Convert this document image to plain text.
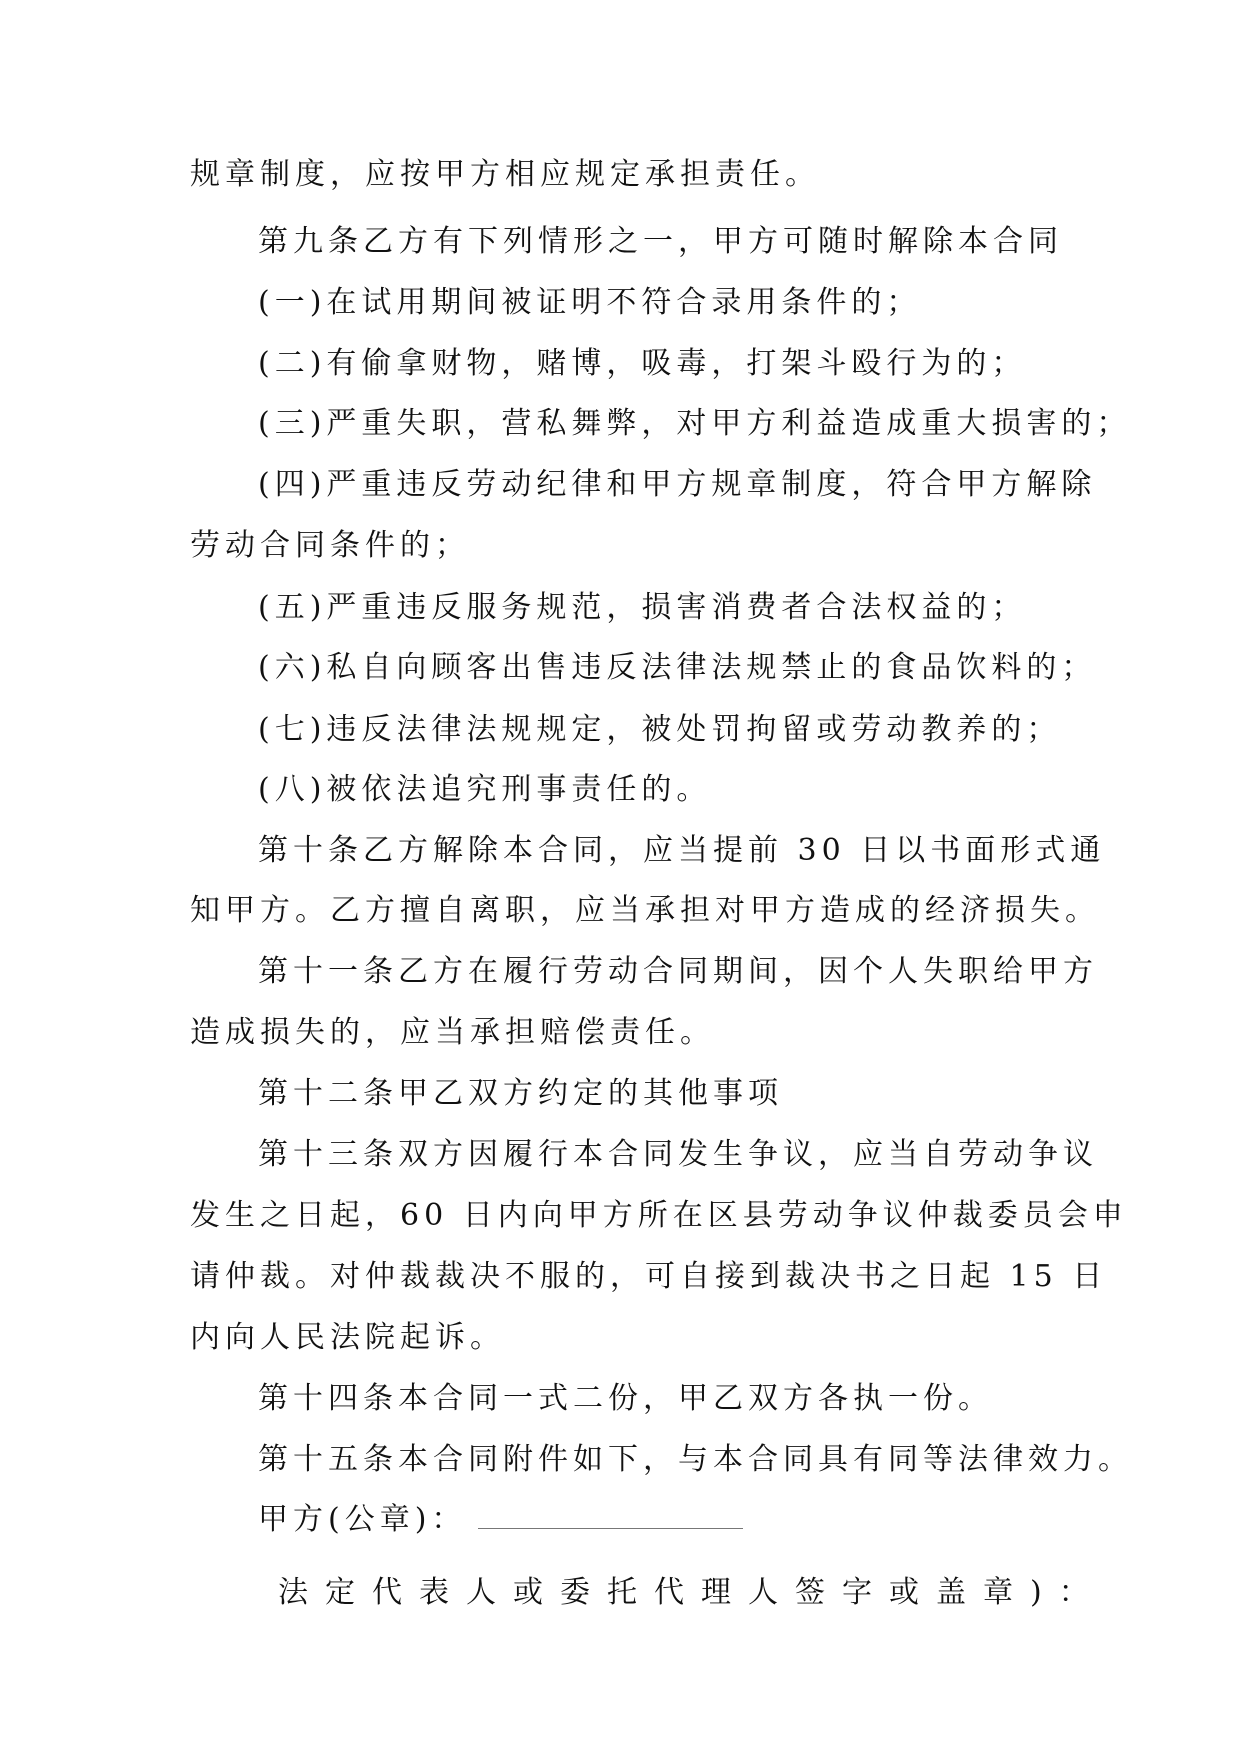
规章制度，应按甲方相应规定承担责任。
第九条乙方有下列情形之一，甲方可随时解除本合同
(一)在试用期间被证明不符合录用条件的；
(二)有偷拿财物，赌博，吸毒，打架斗殴行为的；
(三)严重失职，营私舞弊，对甲方利益造成重大损害的；
(四)严重违反劳动纪律和甲方规章制度，符合甲方解除
劳动合同条件的；
(五)严重违反服务规范，损害消费者合法权益的；
(六)私自向顾客出售违反法律法规禁止的食品饮料的；
(七)违反法律法规规定，被处罚拘留或劳动教养的；
(八)被依法追究刑事责任的。
第十条乙方解除本合同，应当提前 30 日以书面形式通
知甲方。乙方擅自离职，应当承担对甲方造成的经济损失。
第十一条乙方在履行劳动合同期间，因个人失职给甲方
造成损失的，应当承担赔偿责任。
第十二条甲乙双方约定的其他事项
第十三条双方因履行本合同发生争议，应当自劳动争议
发生之日起，60 日内向甲方所在区县劳动争议仲裁委员会申
请仲裁。对仲裁裁决不服的，可自接到裁决书之日起 15 日
内向人民法院起诉。
第十四条本合同一式二份，甲乙双方各执一份。
第十五条本合同附件如下，与本合同具有同等法律效力。
甲方(公章)：
法定代表人或委托代理人签字或盖章)：
